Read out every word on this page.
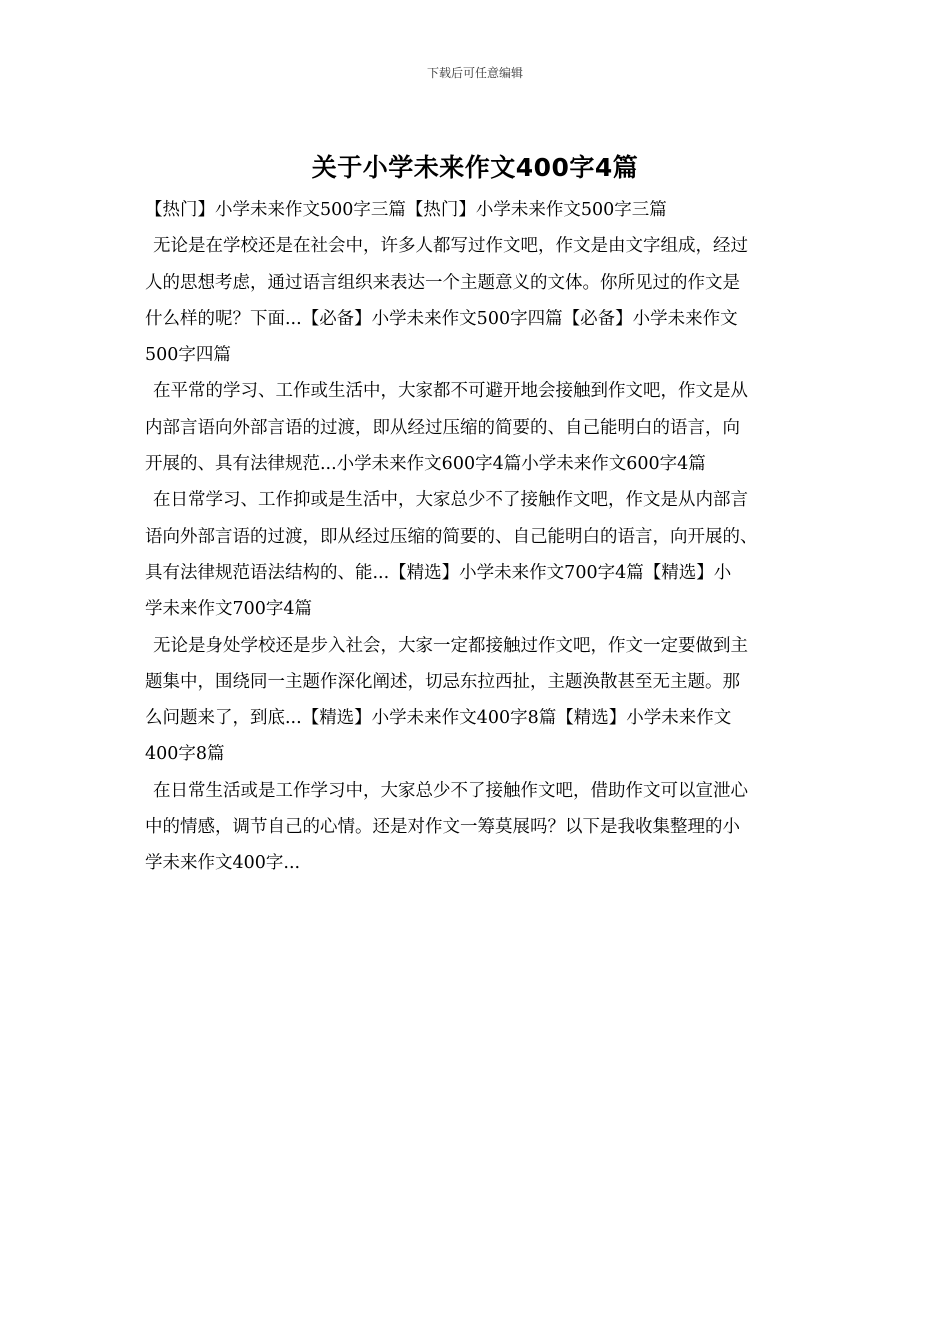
下载后可任意编辑
关于小学未来作文400字4篇
【热门】小学未来作文500字三篇【热门】小学未来作文500字三篇
无论是在学校还是在社会中，许多人都写过作文吧，作文是由文字组成，经过
人的思想考虑，通过语言组织来表达一个主题意义的文体。你所见过的作文是
什么样的呢？下面...【必备】小学未来作文500字四篇【必备】小学未来作文
500字四篇
在平常的学习、工作或生活中，大家都不可避开地会接触到作文吧，作文是从
内部言语向外部言语的过渡，即从经过压缩的简要的、自己能明白的语言，向
开展的、具有法律规范...小学未来作文600字4篇小学未来作文600字4篇
在日常学习、工作抑或是生活中，大家总少不了接触作文吧，作文是从内部言
语向外部言语的过渡，即从经过压缩的简要的、自己能明白的语言，向开展的、
具有法律规范语法结构的、能...【精选】小学未来作文700字4篇【精选】小
学未来作文700字4篇
无论是身处学校还是步入社会，大家一定都接触过作文吧，作文一定要做到主
题集中，围绕同一主题作深化阐述，切忌东拉西扯，主题涣散甚至无主题。那
么问题来了，到底...【精选】小学未来作文400字8篇【精选】小学未来作文
400字8篇
在日常生活或是工作学习中，大家总少不了接触作文吧，借助作文可以宣泄心
中的情感，调节自己的心情。还是对作文一筹莫展吗？以下是我收集整理的小
学未来作文400字...
